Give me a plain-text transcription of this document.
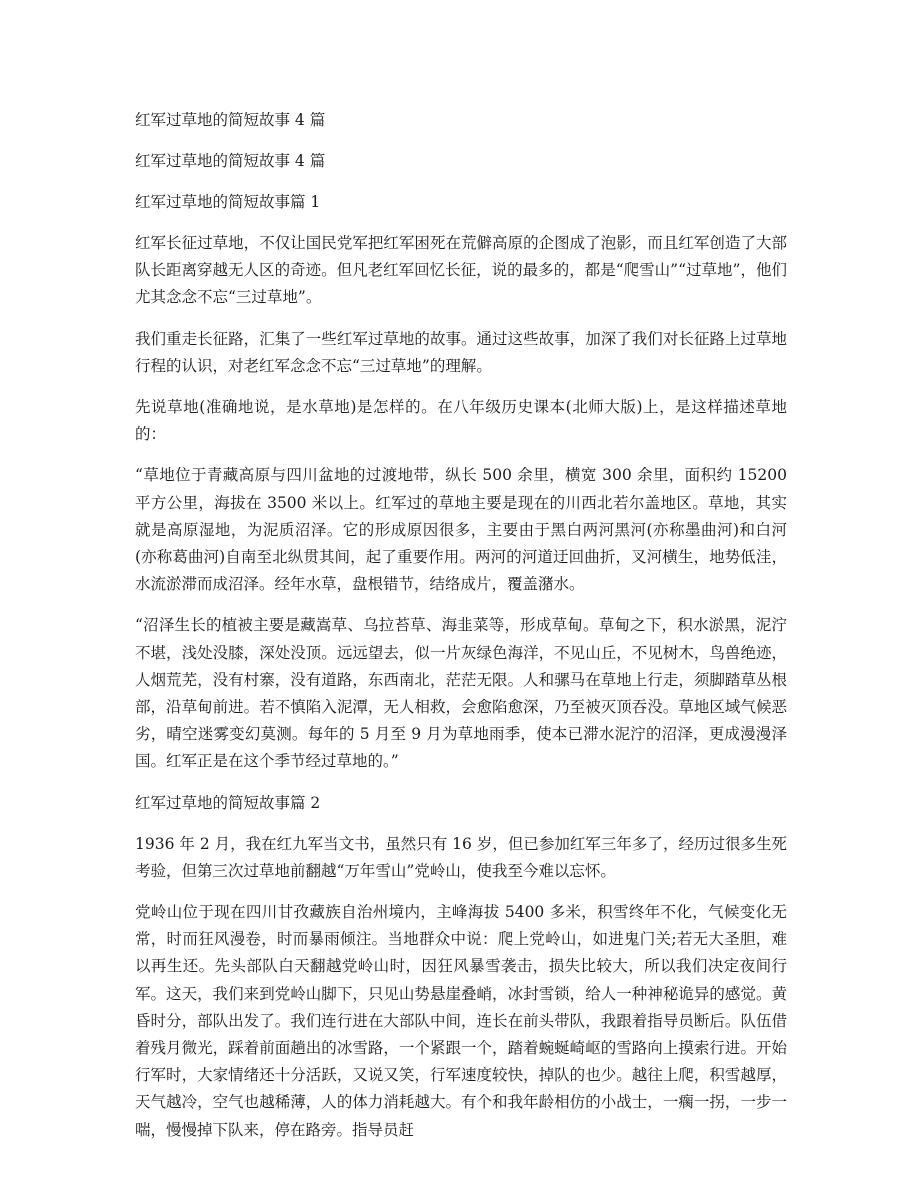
红军过草地的简短故事 4 篇
红军过草地的简短故事 4 篇
红军过草地的简短故事篇 1

红军长征过草地，不仅让国民党军把红军困死在荒僻高原的企图成了泡影，而且红军创造了大部队长距离穿越无人区的奇迹。但凡老红军回忆长征，说的最多的，都是“爬雪山”“过草地”，他们尤其念念不忘“三过草地”。

我们重走长征路，汇集了一些红军过草地的故事。通过这些故事，加深了我们对长征路上过草地行程的认识，对老红军念念不忘“三过草地”的理解。

先说草地(准确地说，是水草地)是怎样的。在八年级历史课本(北师大版)上，是这样描述草地的：

“草地位于青藏高原与四川盆地的过渡地带，纵长 500 余里，横宽 300 余里，面积约 15200 平方公里，海拔在 3500 米以上。红军过的草地主要是现在的川西北若尔盖地区。草地，其实就是高原湿地，为泥质沼泽。它的形成原因很多，主要由于黑白两河黑河(亦称墨曲河)和白河(亦称葛曲河)自南至北纵贯其间，起了重要作用。两河的河道迂回曲折，叉河横生，地势低洼，水流淤滞而成沼泽。经年水草，盘根错节，结络成片，覆盖潴水。

“沼泽生长的植被主要是藏嵩草、乌拉苔草、海韭菜等，形成草甸。草甸之下，积水淤黑，泥泞不堪，浅处没膝，深处没顶。远远望去，似一片灰绿色海洋，不见山丘，不见树木，鸟兽绝迹，人烟荒芜，没有村寨，没有道路，东西南北，茫茫无限。人和骡马在草地上行走，须脚踏草丛根部，沿草甸前进。若不慎陷入泥潭，无人相救，会愈陷愈深，乃至被灭顶吞没。草地区域气候恶劣，晴空迷雾变幻莫测。每年的 5 月至 9 月为草地雨季，使本已滞水泥泞的沼泽，更成漫漫泽国。红军正是在这个季节经过草地的。”

红军过草地的简短故事篇 2

1936 年 2 月，我在红九军当文书，虽然只有 16 岁，但已参加红军三年多了，经历过很多生死考验，但第三次过草地前翻越“万年雪山”党岭山，使我至今难以忘怀。

党岭山位于现在四川甘孜藏族自治州境内，主峰海拔 5400 多米，积雪终年不化，气候变化无常，时而狂风漫卷，时而暴雨倾注。当地群众中说：爬上党岭山，如进鬼门关;若无大圣胆，难以再生还。先头部队白天翻越党岭山时，因狂风暴雪袭击，损失比较大，所以我们决定夜间行军。这天，我们来到党岭山脚下，只见山势悬崖叠峭，冰封雪锁，给人一种神秘诡异的感觉。黄昏时分，部队出发了。我们连行进在大部队中间，连长在前头带队，我跟着指导员断后。队伍借着残月微光，踩着前面趟出的冰雪路，一个紧跟一个，踏着蜿蜒崎岖的雪路向上摸索行进。开始行军时，大家情绪还十分活跃，又说又笑，行军速度较快，掉队的也少。越往上爬，积雪越厚，天气越冷，空气也越稀薄，人的体力消耗越大。有个和我年龄相仿的小战士，一瘸一拐，一步一喘，慢慢掉下队来，停在路旁。指导员赶
